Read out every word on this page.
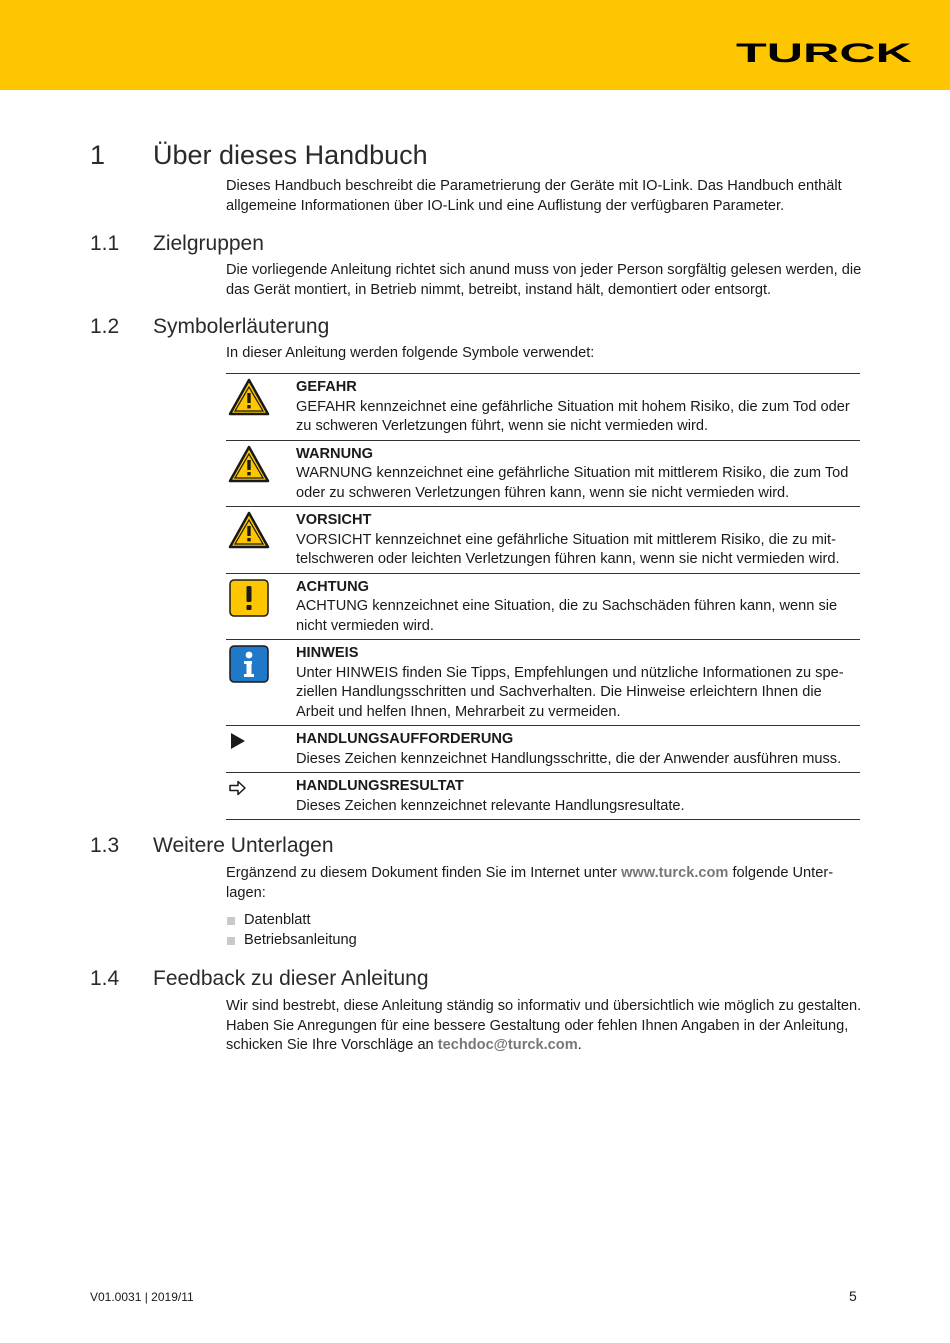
TURCK
1 Über dieses Handbuch

Dieses Handbuch beschreibt die Parametrierung der Geräte mit IO-Link. Das Handbuch enthält allgemeine Informationen über IO-Link und eine Auflistung der verfügbaren Parameter.

1.1 Zielgruppen

Die vorliegende Anleitung richtet sich anund muss von jeder Person sorgfältig gelesen werden, die das Gerät montiert, in Betrieb nimmt, betreibt, instand hält, demontiert oder entsorgt.

1.2 Symbolerläuterung

In dieser Anleitung werden folgende Symbole verwendet:

GEFAHR
GEFAHR kennzeichnet eine gefährliche Situation mit hohem Risiko, die zum Tod oder zu schweren Verletzungen führt, wenn sie nicht vermieden wird.
WARNUNG
WARNUNG kennzeichnet eine gefährliche Situation mit mittlerem Risiko, die zum Tod oder zu schweren Verletzungen führen kann, wenn sie nicht vermieden wird.
VORSICHT
VORSICHT kennzeichnet eine gefährliche Situation mit mittlerem Risiko, die zu mittelschweren oder leichten Verletzungen führen kann, wenn sie nicht vermieden wird.
ACHTUNG
ACHTUNG kennzeichnet eine Situation, die zu Sachschäden führen kann, wenn sie nicht vermieden wird.
HINWEIS
Unter HINWEIS finden Sie Tipps, Empfehlungen und nützliche Informationen zu speziellen Handlungsschritten und Sachverhalten. Die Hinweise erleichtern Ihnen die Arbeit und helfen Ihnen, Mehrarbeit zu vermeiden.
HANDLUNGSAUFFORDERUNG
Dieses Zeichen kennzeichnet Handlungsschritte, die der Anwender ausführen muss.
HANDLUNGSRESULTAT
Dieses Zeichen kennzeichnet relevante Handlungsresultate.
1.3 Weitere Unterlagen

Ergänzend zu diesem Dokument finden Sie im Internet unter www.turck.com folgende Unterlagen:

Datenblatt
Betriebsanleitung
1.4 Feedback zu dieser Anleitung

Wir sind bestrebt, diese Anleitung ständig so informativ und übersichtlich wie möglich zu gestalten. Haben Sie Anregungen für eine bessere Gestaltung oder fehlen Ihnen Angaben in der Anleitung, schicken Sie Ihre Vorschläge an techdoc@turck.com.

V01.0031 | 2019/11	5
